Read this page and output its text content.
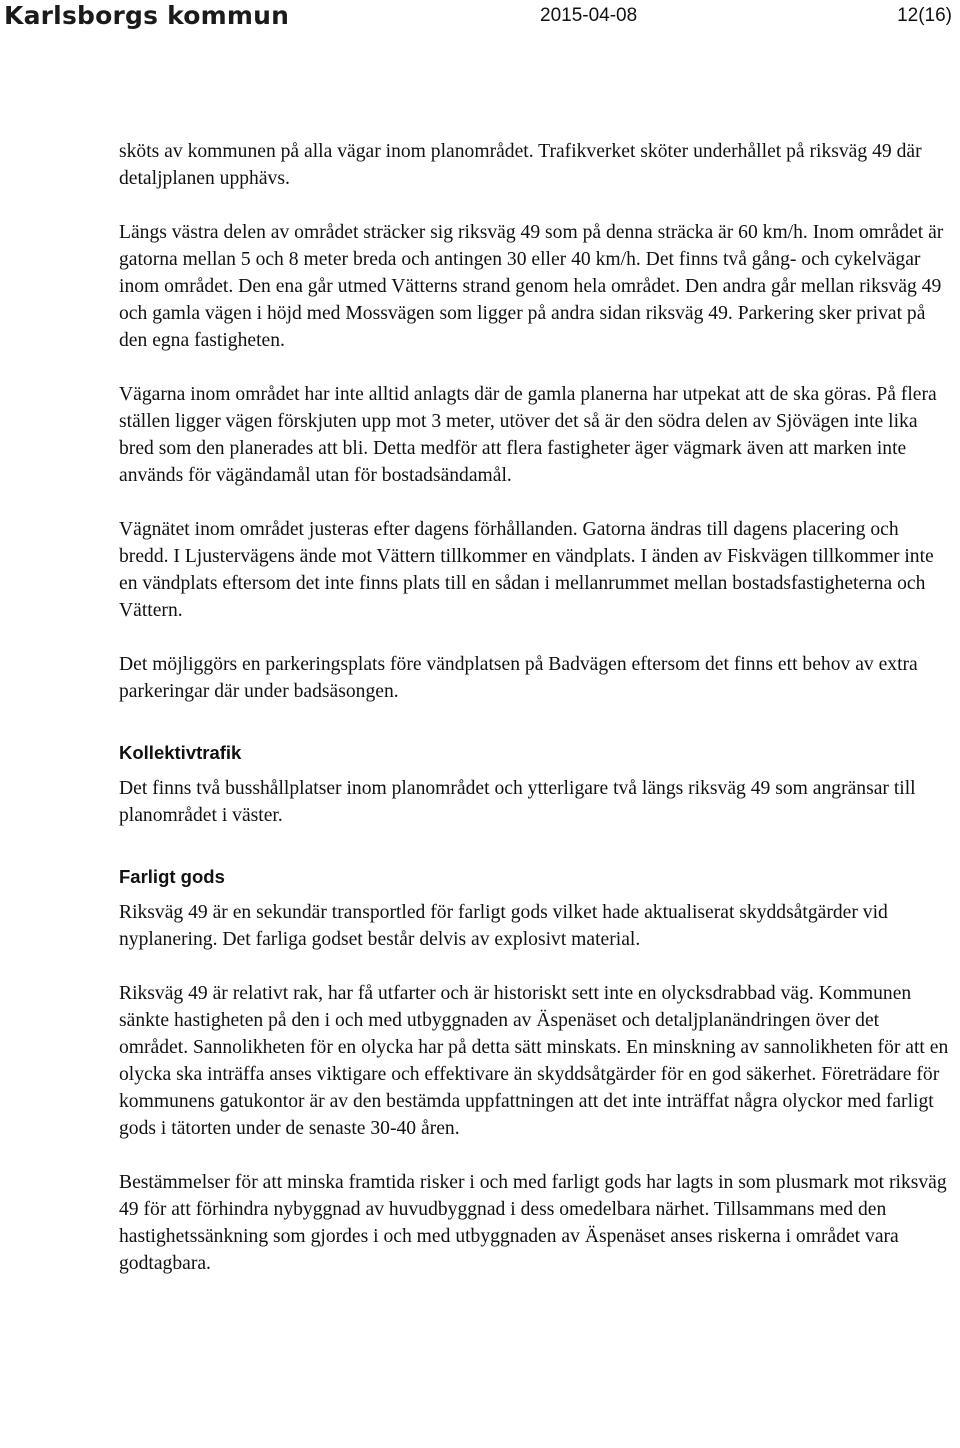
Karlsborgs kommun	2015-04-08	12(16)

sköts av kommunen på alla vägar inom planområdet. Trafikverket sköter underhållet på riksväg 49 där detaljplanen upphävs.

Längs västra delen av området sträcker sig riksväg 49 som på denna sträcka är 60 km/h. Inom området är gatorna mellan 5 och 8 meter breda och antingen 30 eller 40 km/h. Det finns två gång- och cykelvägar inom området. Den ena går utmed Vätterns strand genom hela området. Den andra går mellan riksväg 49 och gamla vägen i höjd med Mossvägen som ligger på andra sidan riksväg 49. Parkering sker privat på den egna fastigheten.

Vägarna inom området har inte alltid anlagts där de gamla planerna har utpekat att de ska göras. På flera ställen ligger vägen förskjuten upp mot 3 meter, utöver det så är den södra delen av Sjövägen inte lika bred som den planerades att bli. Detta medför att flera fastigheter äger vägmark även att marken inte används för vägändamål utan för bostadsändamål.

Vägnätet inom området justeras efter dagens förhållanden. Gatorna ändras till dagens placering och bredd. I Ljustervägens ände mot Vättern tillkommer en vändplats. I änden av Fiskvägen tillkommer inte en vändplats eftersom det inte finns plats till en sådan i mellanrummet mellan bostadsfastigheterna och Vättern.

Det möjliggörs en parkeringsplats före vändplatsen på Badvägen eftersom det finns ett behov av extra parkeringar där under badsäsongen.

Kollektivtrafik

Det finns två busshållplatser inom planområdet och ytterligare två längs riksväg 49 som angränsar till planområdet i väster.

Farligt gods

Riksväg 49 är en sekundär transportled för farligt gods vilket hade aktualiserat skyddsåtgärder vid nyplanering. Det farliga godset består delvis av explosivt material.

Riksväg 49 är relativt rak, har få utfarter och är historiskt sett inte en olycksdrabbad väg. Kommunen sänkte hastigheten på den i och med utbyggnaden av Äspenäset och detaljplanändringen över det området. Sannolikheten för en olycka har på detta sätt minskats. En minskning av sannolikheten för att en olycka ska inträffa anses viktigare och effektivare än skyddsåtgärder för en god säkerhet. Företrädare för kommunens gatukontor är av den bestämda uppfattningen att det inte inträffat några olyckor med farligt gods i tätorten under de senaste 30-40 åren.

Bestämmelser för att minska framtida risker i och med farligt gods har lagts in som plusmark mot riksväg 49 för att förhindra nybyggnad av huvudbyggnad i dess omedelbara närhet. Tillsammans med den hastighetssänkning som gjordes i och med utbyggnaden av Äspenäset anses riskerna i området vara godtagbara.
